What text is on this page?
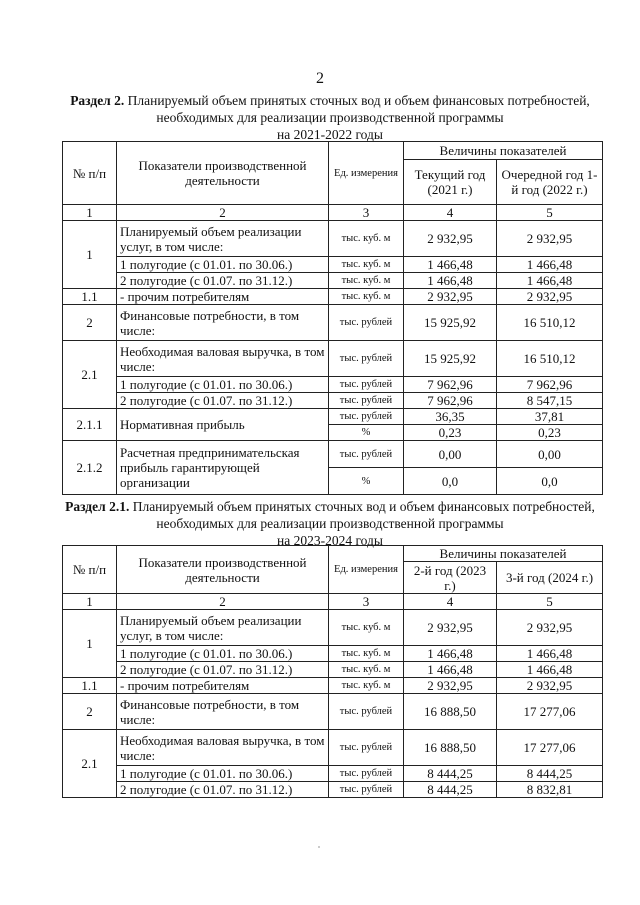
2
Раздел 2. Планируемый объем принятых сточных вод и объем финансовых потребностей, необходимых для реализации производственной программы
на 2021-2022 годы
№ п/п	Показатели производственной деятельности	Ед. измерения	Величины показателей	
			Текущий год (2021 г.)	Очередной год 1-й год (2022 г.)
1	2	3	4	5
1	Планируемый объем реализации услуг, в том числе:	тыс. куб. м	2 932,95	2 932,95
	1 полугодие (с 01.01. по 30.06.)	тыс. куб. м	1 466,48	1 466,48
	2 полугодие (с 01.07. по 31.12.)	тыс. куб. м	1 466,48	1 466,48
1.1	- прочим потребителям	тыс. куб. м	2 932,95	2 932,95
2	Финансовые потребности, в том числе:	тыс. рублей	15 925,92	16 510,12
2.1	Необходимая валовая выручка, в том числе:	тыс. рублей	15 925,92	16 510,12
	1 полугодие (с 01.01. по 30.06.)	тыс. рублей	7 962,96	7 962,96
	2 полугодие (с 01.07. по 31.12.)	тыс. рублей	7 962,96	8 547,15
2.1.1	Нормативная прибыль	тыс. рублей	36,35	37,81
		%	0,23	0,23
2.1.2	Расчетная предпринимательская прибыль гарантирующей организации	тыс. рублей	0,00	0,00
		%	0,0	0,0
Раздел 2.1. Планируемый объем принятых сточных вод и объем финансовых потребностей, необходимых для реализации производственной программы
на 2023-2024 годы
№ п/п	Показатели производственной деятельности	Ед. измерения	Величины показателей	
			2-й год (2023 г.)	3-й год (2024 г.)
1	2	3	4	5
1	Планируемый объем реализации услуг, в том числе:	тыс. куб. м	2 932,95	2 932,95
	1 полугодие (с 01.01. по 30.06.)	тыс. куб. м	1 466,48	1 466,48
	2 полугодие (с 01.07. по 31.12.)	тыс. куб. м	1 466,48	1 466,48
1.1	- прочим потребителям	тыс. куб. м	2 932,95	2 932,95
2	Финансовые потребности, в том числе:	тыс. рублей	16 888,50	17 277,06
2.1	Необходимая валовая выручка, в том числе:	тыс. рублей	16 888,50	17 277,06
	1 полугодие (с 01.01. по 30.06.)	тыс. рублей	8 444,25	8 444,25
	2 полугодие (с 01.07. по 31.12.)	тыс. рублей	8 444,25	8 832,81
